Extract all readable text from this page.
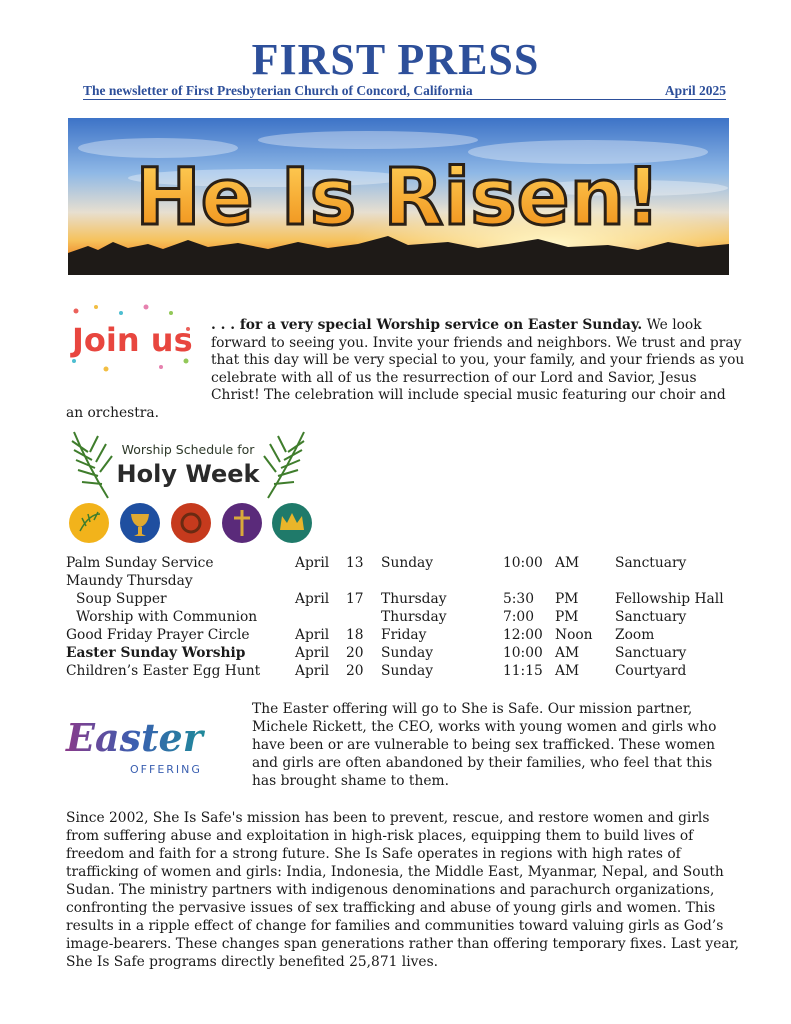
FIRST PRESS
The newsletter of First Presbyterian Church of Concord, California	April 2025
He Is Risen!
Join us	. . . for a very special Worship service on Easter Sunday. We look forward to seeing you. Invite your friends and neighbors. We trust and pray that this day will be very special to you, your family, and your friends as you celebrate with all of us the resurrection of our Lord and Savior, Jesus Christ! The celebration will include special music featuring our choir and an orchestra.
Worship Schedule for
Holy Week
Palm Sunday Service	April 13 Sunday	10:00 AM	Sanctuary
Maundy Thursday
Soup Supper	April 17 Thursday	5:30 PM	Fellowship Hall
Worship with Communion	Thursday	7:00 PM	Sanctuary
Good Friday Prayer Circle	April 18 Friday	12:00 Noon Zoom
Easter Sunday Worship	April 20 Sunday	10:00 AM	Sanctuary
Children’s Easter Egg Hunt	April 20 Sunday	11:15 AM	Courtyard
Easter
OFFERING
The Easter offering will go to She is Safe. Our mission partner, Michele Rickett, the CEO, works with young women and girls who have been or are vulnerable to being sex trafficked. These women and girls are often abandoned by their families, who feel that this has brought shame to them.
Since 2002, She Is Safe's mission has been to prevent, rescue, and restore women and girls from suffering abuse and exploitation in high-risk places, equipping them to build lives of freedom and faith for a strong future. She Is Safe operates in regions with high rates of trafficking of women and girls: India, Indonesia, the Middle East, Myanmar, Nepal, and South Sudan. The ministry partners with indigenous denominations and parachurch organizations, confronting the pervasive issues of sex trafficking and abuse of young girls and women. This results in a ripple effect of change for families and communities toward valuing girls as God’s image-bearers. These changes span generations rather than offering temporary fixes. Last year, She Is Safe programs directly benefited 25,871 lives.
